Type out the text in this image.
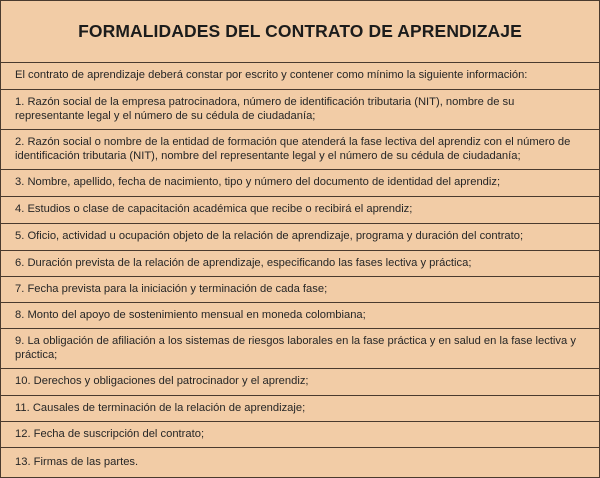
FORMALIDADES DEL CONTRATO DE APRENDIZAJE
El contrato de aprendizaje deberá constar por escrito y contener como mínimo la siguiente información:
1. Razón social de la empresa patrocinadora, número de identificación tributaria (NIT), nombre de su representante legal y el número de su cédula de ciudadanía;
2. Razón social o nombre de la entidad de formación que atenderá la fase lectiva del aprendiz con el número de identificación tributaria (NIT), nombre del representante legal y el número de su cédula de ciudadanía;
3. Nombre, apellido, fecha de nacimiento, tipo y número del documento de identidad del aprendiz;
4. Estudios o clase de capacitación académica que recibe o recibirá el aprendiz;
5. Oficio, actividad u ocupación objeto de la relación de aprendizaje, programa y duración del contrato;
6. Duración prevista de la relación de aprendizaje, especificando las fases lectiva y práctica;
7. Fecha prevista para la iniciación y terminación de cada fase;
8. Monto del apoyo de sostenimiento mensual en moneda colombiana;
9. La obligación de afiliación a los sistemas de riesgos laborales en la fase práctica y en salud en la fase lectiva y práctica;
10. Derechos y obligaciones del patrocinador y el aprendiz;
11. Causales de terminación de la relación de aprendizaje;
12. Fecha de suscripción del contrato;
13. Firmas de las partes.
